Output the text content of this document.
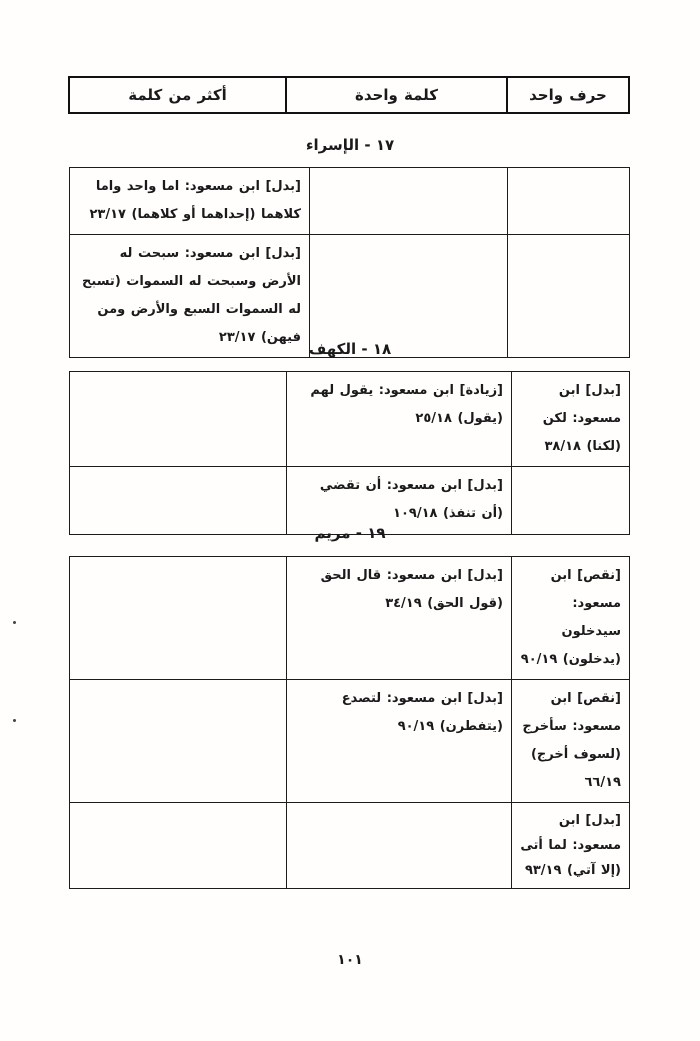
حرف واحد	كلمة واحدة	أكثر من كلمة
١٧ - الإسراء
		[بدل] ابن مسعود: اما واحد واما كلاهما (إحداهما أو كلاهما) ٢٣/١٧
		[بدل] ابن مسعود: سبحت له الأرض وسبحت له السموات (تسبح له السموات السبع والأرض ومن فيهن) ٢٣/١٧
١٨ - الكهف
[بدل] ابن مسعود: لكن (لكنا) ٣٨/١٨	[زيادة] ابن مسعود: يقول لهم (يقول) ٢٥/١٨	
	[بدل] ابن مسعود: أن تقضي (أن تنفذ) ١٠٩/١٨	
١٩ - مريم
[نقص] ابن مسعود: سيدخلون (يدخلون) ٩٠/١٩	[بدل] ابن مسعود: قال الحق (قول الحق) ٣٤/١٩	
[نقص] ابن مسعود: سأخرج (لسوف أخرج) ٦٦/١٩	[بدل] ابن مسعود: لتصدع (يتفطرن) ٩٠/١٩	
[بدل] ابن مسعود: لما أتى (إلا آتي) ٩٣/١٩		
١٠١
